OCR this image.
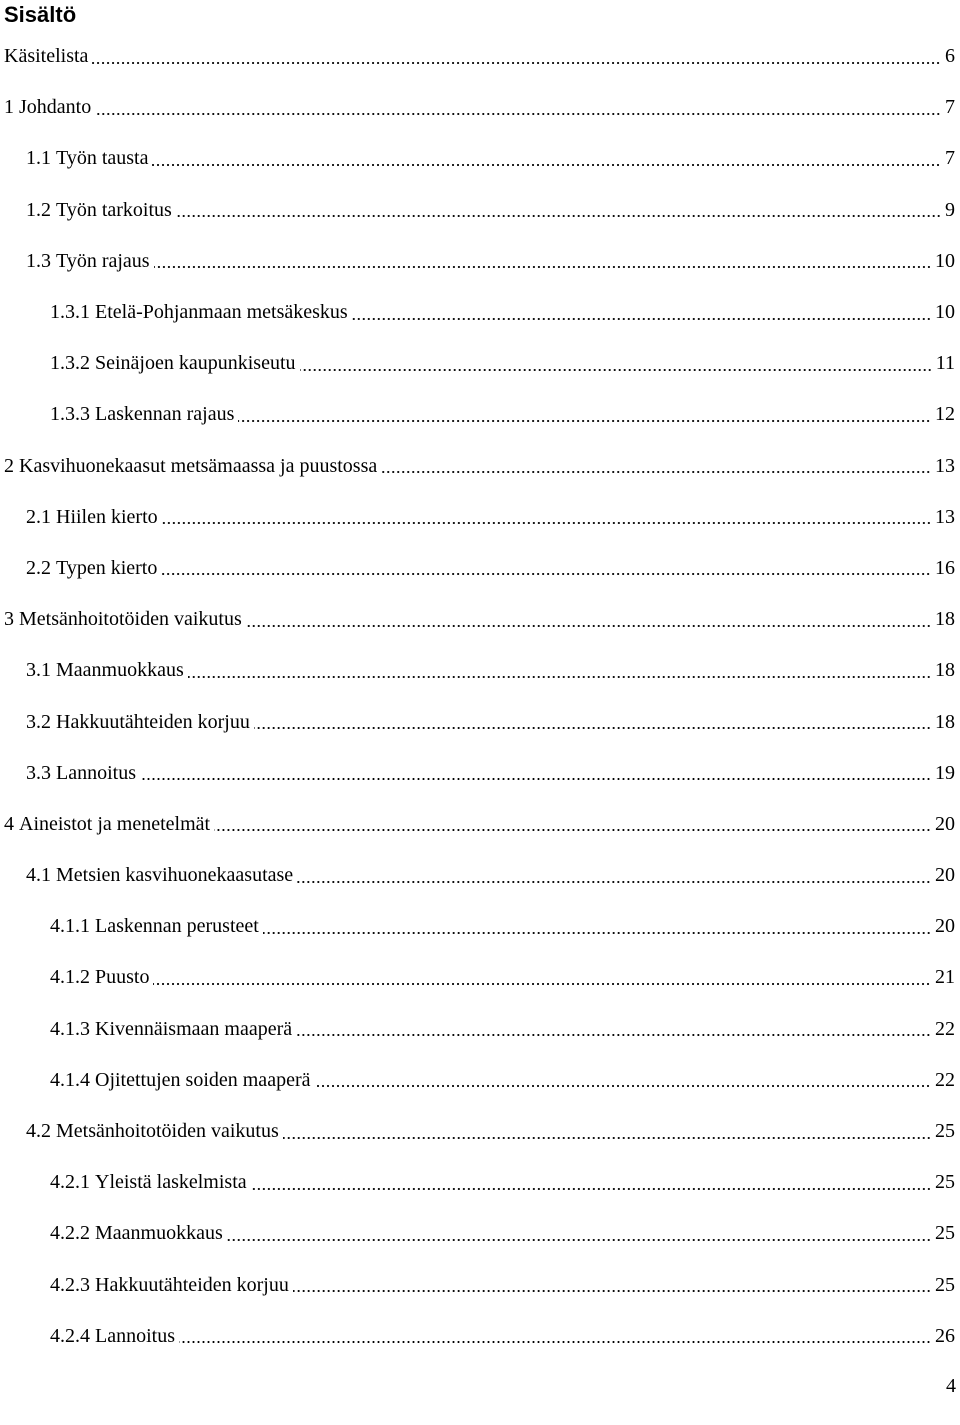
Sisältö
Käsitelista	6
1 Johdanto	7
1.1 Työn tausta	7
1.2 Työn tarkoitus	9
1.3 Työn rajaus	10
1.3.1 Etelä-Pohjanmaan metsäkeskus	10
1.3.2 Seinäjoen kaupunkiseutu	11
1.3.3 Laskennan rajaus	12
2 Kasvihuonekaasut metsämaassa ja puustossa	13
2.1 Hiilen kierto	13
2.2 Typen kierto	16
3 Metsänhoitotöiden vaikutus	18
3.1 Maanmuokkaus	18
3.2 Hakkuutähteiden korjuu	18
3.3 Lannoitus	19
4 Aineistot ja menetelmät	20
4.1 Metsien kasvihuonekaasutase	20
4.1.1 Laskennan perusteet	20
4.1.2 Puusto	21
4.1.3 Kivennäismaan maaperä	22
4.1.4 Ojitettujen soiden maaperä	22
4.2 Metsänhoitotöiden vaikutus	25
4.2.1 Yleistä laskelmista	25
4.2.2 Maanmuokkaus	25
4.2.3 Hakkuutähteiden korjuu	25
4.2.4 Lannoitus	26
4
